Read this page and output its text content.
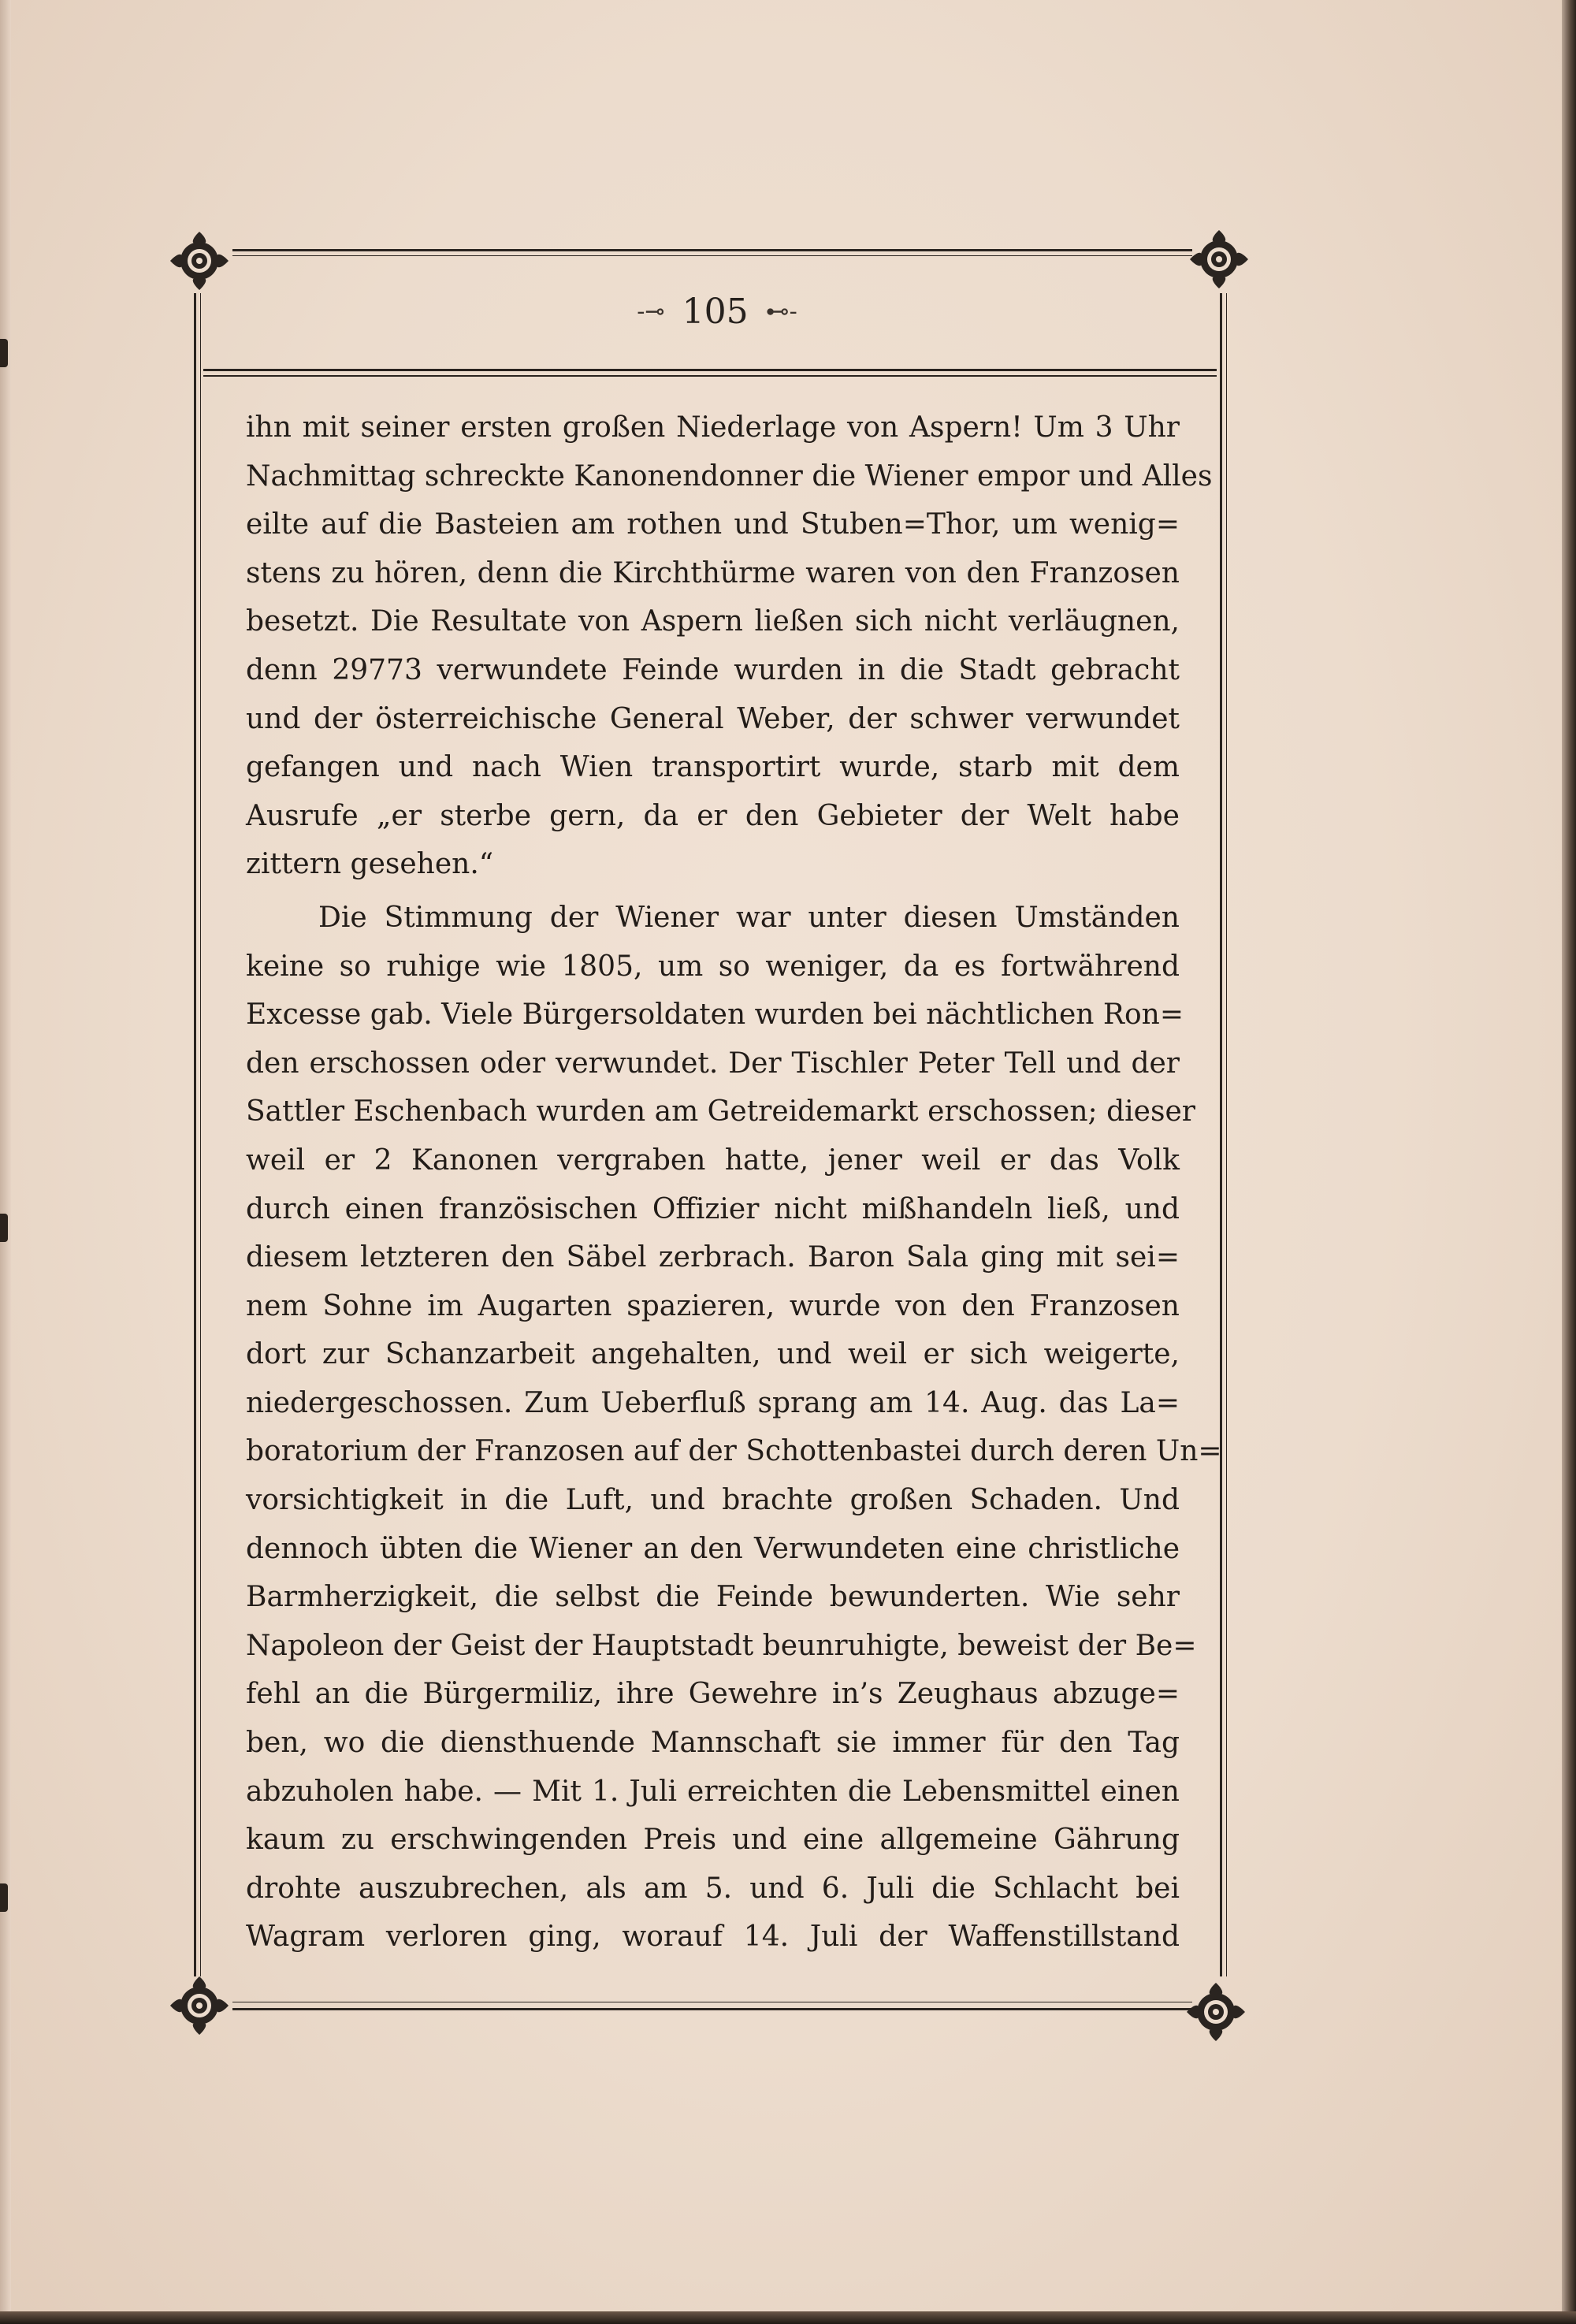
-⊸ 105 ⊷-
ihn mit seiner ersten großen Niederlage von Aspern! Um 3 Uhr
Nachmittag schreckte Kanonendonner die Wiener empor und Alles
eilte auf die Basteien am rothen und Stuben=Thor, um wenig=
stens zu hören, denn die Kirchthürme waren von den Franzosen
besetzt. Die Resultate von Aspern ließen sich nicht verläugnen,
denn 29773 verwundete Feinde wurden in die Stadt gebracht
und der österreichische General Weber, der schwer verwundet
gefangen und nach Wien transportirt wurde, starb mit dem
Ausrufe „er sterbe gern, da er den Gebieter der Welt habe
zittern gesehen.“
Die Stimmung der Wiener war unter diesen Umständen
keine so ruhige wie 1805, um so weniger, da es fortwährend
Excesse gab. Viele Bürgersoldaten wurden bei nächtlichen Ron=
den erschossen oder verwundet. Der Tischler Peter Tell und der
Sattler Eschenbach wurden am Getreidemarkt erschossen; dieser
weil er 2 Kanonen vergraben hatte, jener weil er das Volk
durch einen französischen Offizier nicht mißhandeln ließ, und
diesem letzteren den Säbel zerbrach. Baron Sala ging mit sei=
nem Sohne im Augarten spazieren, wurde von den Franzosen
dort zur Schanzarbeit angehalten, und weil er sich weigerte,
niedergeschossen. Zum Ueberfluß sprang am 14. Aug. das La=
boratorium der Franzosen auf der Schottenbastei durch deren Un=
vorsichtigkeit in die Luft, und brachte großen Schaden. Und
dennoch übten die Wiener an den Verwundeten eine christliche
Barmherzigkeit, die selbst die Feinde bewunderten. Wie sehr
Napoleon der Geist der Hauptstadt beunruhigte, beweist der Be=
fehl an die Bürgermiliz, ihre Gewehre in’s Zeughaus abzuge=
ben, wo die diensthuende Mannschaft sie immer für den Tag
abzuholen habe. — Mit 1. Juli erreichten die Lebensmittel einen
kaum zu erschwingenden Preis und eine allgemeine Gährung
drohte auszubrechen, als am 5. und 6. Juli die Schlacht bei
Wagram verloren ging, worauf 14. Juli der Waffenstillstand
